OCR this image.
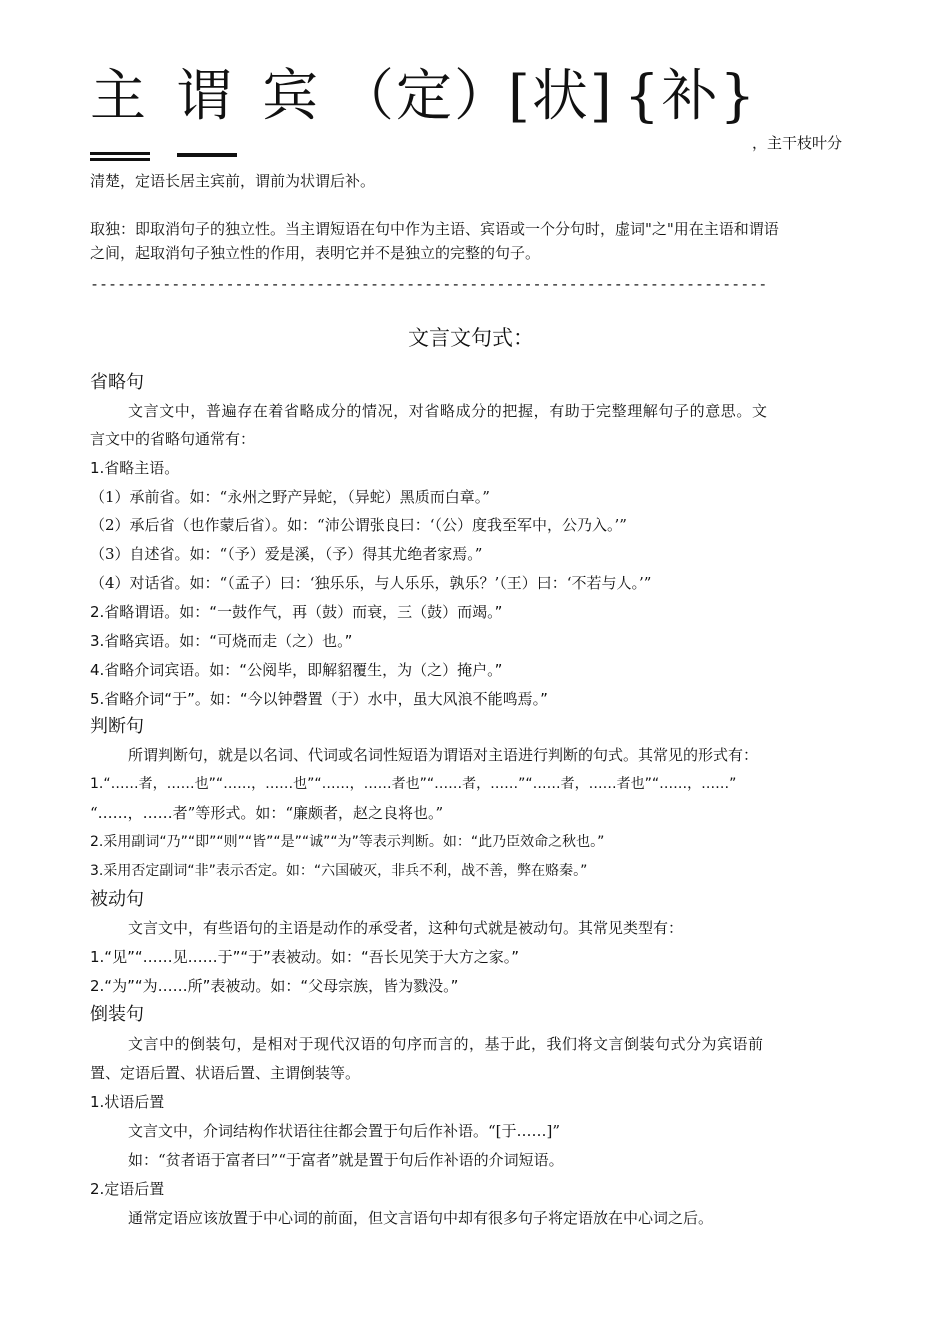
主 谓 宾 （定）[状] {补}
，主干枝叶分
清楚，定语长居主宾前，谓前为状谓后补。
取独：即取消句子的独立性。当主谓短语在句中作为主语、宾语或一个分句时，虚词"之"用在主语和谓语
之间，起取消句子独立性的作用，表明它并不是独立的完整的句子。
---------------------------------------------------------------------------
文言文句式：
省略句
文言文中，普遍存在着省略成分的情况，对省略成分的把握，有助于完整理解句子的意思。文
言文中的省略句通常有：
1.省略主语。
（1）承前省。如：“永州之野产异蛇，（异蛇）黑质而白章。”
（2）承后省（也作蒙后省）。如：“沛公谓张良曰：‘（公）度我至军中，公乃入。’”
（3）自述省。如：“（予）爱是溪，（予）得其尤绝者家焉。”
（4）对话省。如：“（孟子）曰：‘独乐乐，与人乐乐，孰乐？’（王）曰：‘不若与人。’”
2.省略谓语。如：“一鼓作气，再（鼓）而衰，三（鼓）而竭。”
3.省略宾语。如：“可烧而走（之）也。”
4.省略介词宾语。如：“公阅毕，即解貂覆生，为（之）掩户。”
5.省略介词“于”。如：“今以钟磬置（于）水中，虽大风浪不能鸣焉。”
判断句
所谓判断句，就是以名词、代词或名词性短语为谓语对主语进行判断的句式。其常见的形式有：
1.“……者，……也”“……，……也”“……，……者也”“……者，……”“……者，……者也”“……，……”
“……，……者”等形式。如：“廉颇者，赵之良将也。”
2.采用副词“乃”“即”“则”“皆”“是”“诚”“为”等表示判断。如：“此乃臣效命之秋也。”
3.采用否定副词“非”表示否定。如：“六国破灭，非兵不利，战不善，弊在赂秦。”
被动句
文言文中，有些语句的主语是动作的承受者，这种句式就是被动句。其常见类型有：
1.“见”“……见……于”“于”表被动。如：“吾长见笑于大方之家。”
2.“为”“为……所”表被动。如：“父母宗族，皆为戮没。”
倒装句
文言中的倒装句，是相对于现代汉语的句序而言的，基于此，我们将文言倒装句式分为宾语前
置、定语后置、状语后置、主谓倒装等。
1.状语后置
文言文中，介词结构作状语往往都会置于句后作补语。“[于……]”
如：“贫者语于富者曰”“于富者”就是置于句后作补语的介词短语。
2.定语后置
通常定语应该放置于中心词的前面，但文言语句中却有很多句子将定语放在中心词之后。
